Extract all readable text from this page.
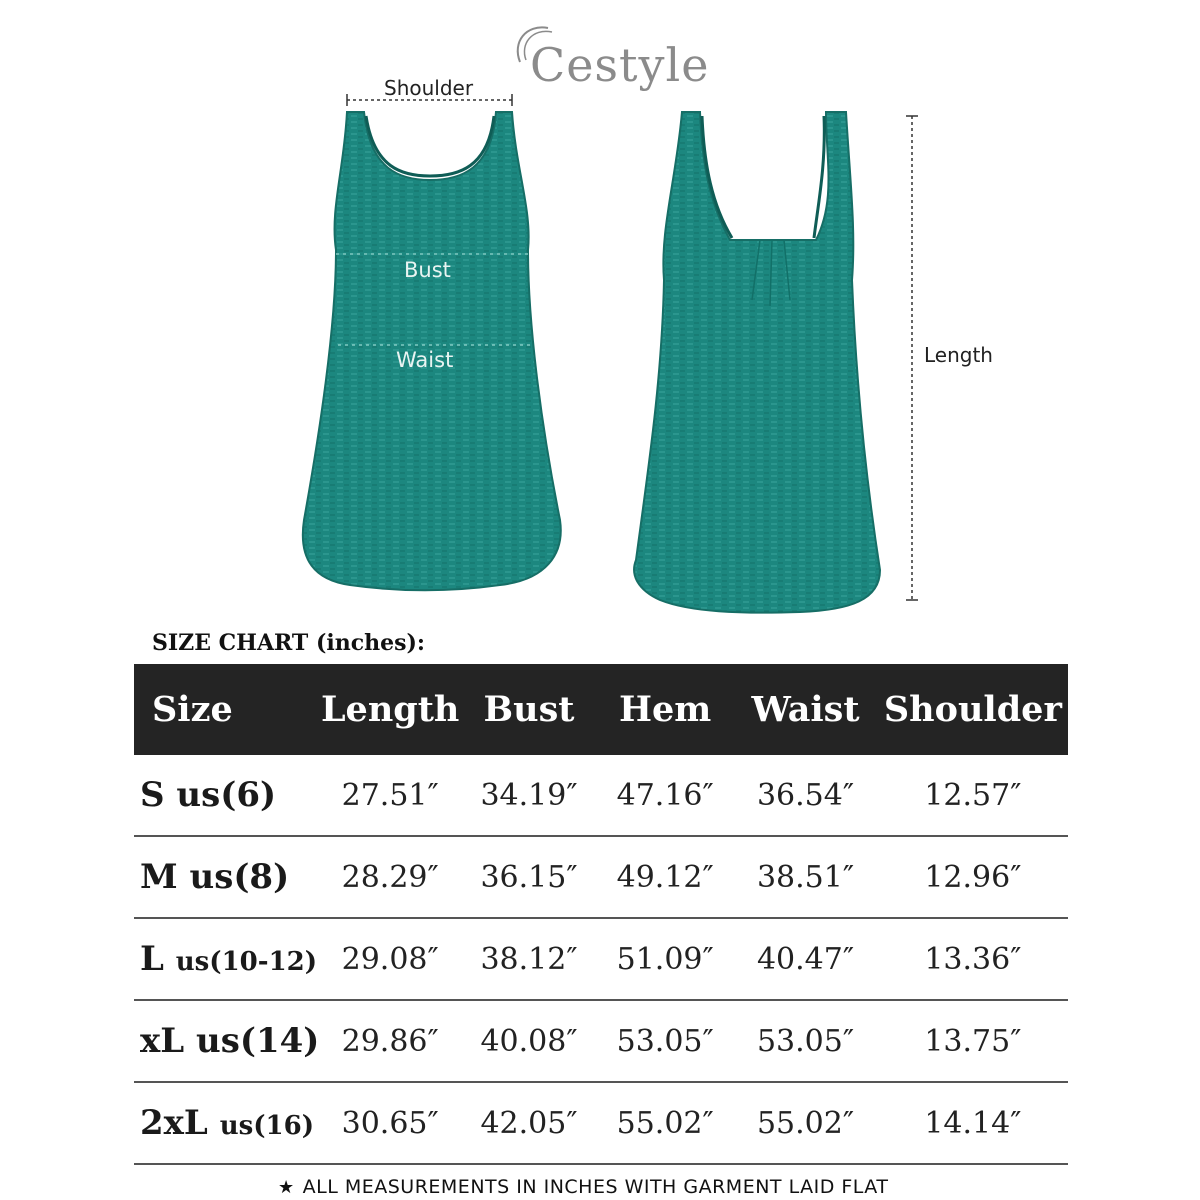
Cestyle
Shoulder
Bust
Waist	Length
SIZE CHART (inches):
Size	Length	Bust	Hem	Waist	Shoulder
S us(6)	27.51″	34.19″	47.16″	36.54″	12.57″
M us(8)	28.29″	36.15″	49.12″	38.51″	12.96″
L us(10-12)	29.08″	38.12″	51.09″	40.47″	13.36″
xL us(14)	29.86″	40.08″	53.05″	53.05″	13.75″
2xL us(16)	30.65″	42.05″	55.02″	55.02″	14.14″
★ ALL MEASUREMENTS IN INCHES WITH GARMENT LAID FLAT
